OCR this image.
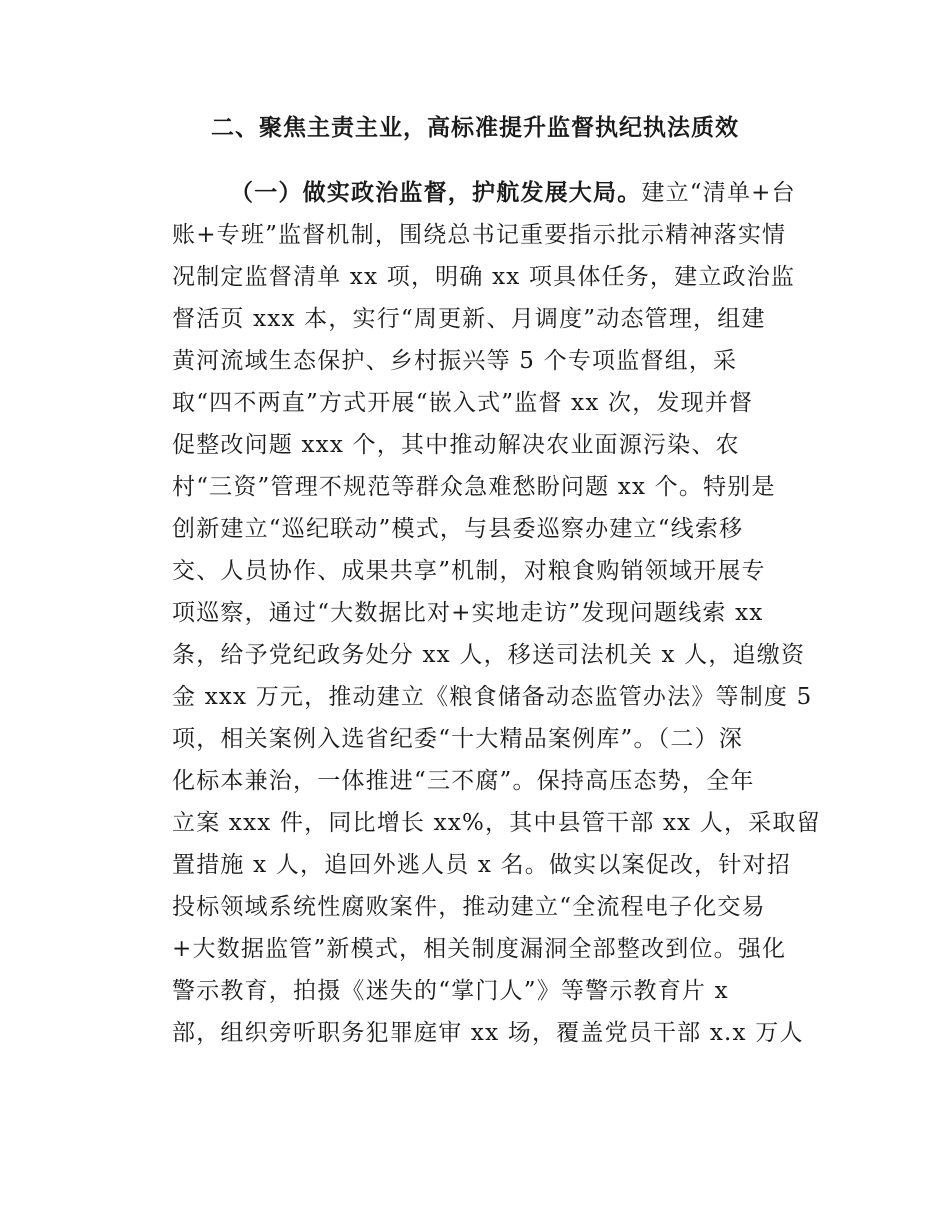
二、聚焦主责主业，高标准提升监督执纪执法质效
（一）做实政治监督，护航发展大局。建立“清单+台
账+专班”监督机制，围绕总书记重要指示批示精神落实情
况制定监督清单 xx 项，明确 xx 项具体任务，建立政治监
督活页 xxx 本，实行“周更新、月调度”动态管理，组建
黄河流域生态保护、乡村振兴等 5 个专项监督组，采
取“四不两直”方式开展“嵌入式”监督 xx 次，发现并督
促整改问题 xxx 个，其中推动解决农业面源污染、农
村“三资”管理不规范等群众急难愁盼问题 xx 个。特别是
创新建立“巡纪联动”模式，与县委巡察办建立“线索移
交、人员协作、成果共享”机制，对粮食购销领域开展专
项巡察，通过“大数据比对+实地走访”发现问题线索 xx
条，给予党纪政务处分 xx 人，移送司法机关 x 人，追缴资
金 xxx 万元，推动建立《粮食储备动态监管办法》等制度 5
项，相关案例入选省纪委“十大精品案例库”。（二）深
化标本兼治，一体推进“三不腐”。保持高压态势，全年
立案 xxx 件，同比增长 xx%，其中县管干部 xx 人，采取留
置措施 x 人，追回外逃人员 x 名。做实以案促改，针对招
投标领域系统性腐败案件，推动建立“全流程电子化交易
+大数据监管”新模式，相关制度漏洞全部整改到位。强化
警示教育，拍摄《迷失的“掌门人”》等警示教育片 x
部，组织旁听职务犯罪庭审 xx 场，覆盖党员干部 x.x 万人
